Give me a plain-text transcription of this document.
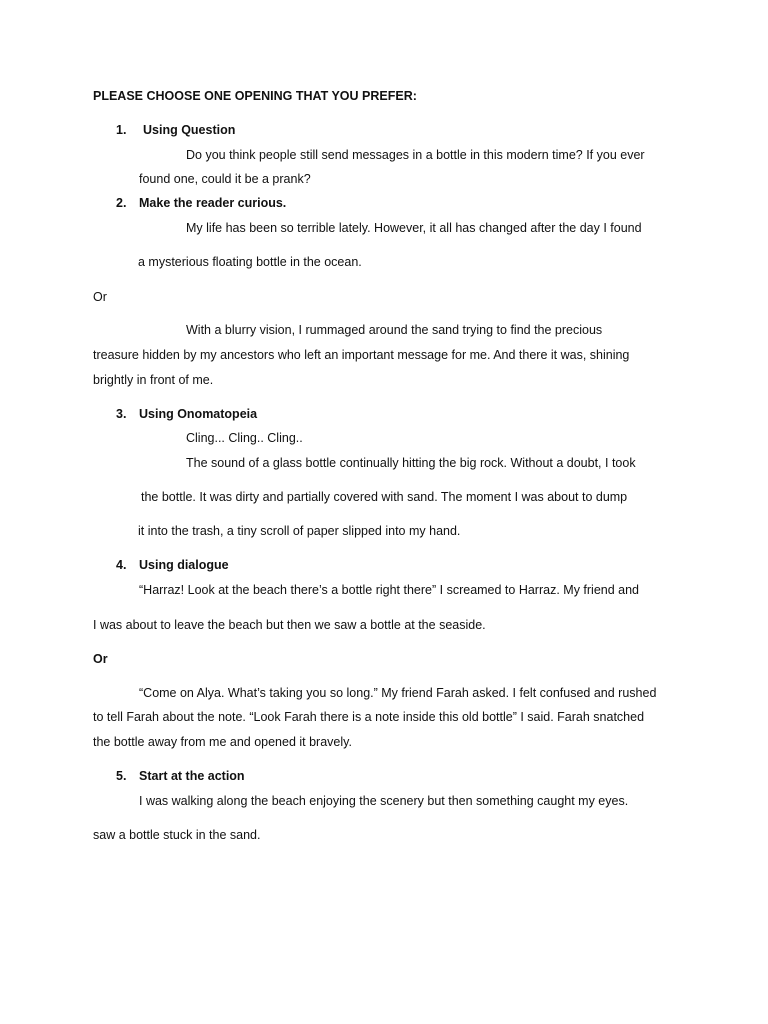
PLEASE CHOOSE ONE OPENING THAT YOU PREFER:
1. Using Question
Do you think people still send messages in a bottle in this modern time? If you ever
found one, could it be a prank?
2. Make the reader curious.
My life has been so terrible lately. However, it all has changed after the day I found
a mysterious floating bottle in the ocean.
Or
With a blurry vision, I rummaged around the sand trying to find the precious
treasure hidden by my ancestors who left an important message for me. And there it was, shining
brightly in front of me.
3. Using Onomatopeia
Cling... Cling.. Cling..
The sound of a glass bottle continually hitting the big rock. Without a doubt, I took
the bottle. It was dirty and partially covered with sand. The moment I was about to dump
it into the trash, a tiny scroll of paper slipped into my hand.
4. Using dialogue
“Harraz! Look at the beach there’s a bottle right there” I screamed to Harraz. My friend and
I was about to leave the beach but then we saw a bottle at the seaside.
Or
“Come on Alya. What’s taking you so long.” My friend Farah asked. I felt confused and rushed
to tell Farah about the note. “Look Farah there is a note inside this old bottle” I said. Farah snatched
the bottle away from me and opened it bravely.
5. Start at the action
I was walking along the beach enjoying the scenery but then something caught my eyes.
saw a bottle stuck in the sand.
